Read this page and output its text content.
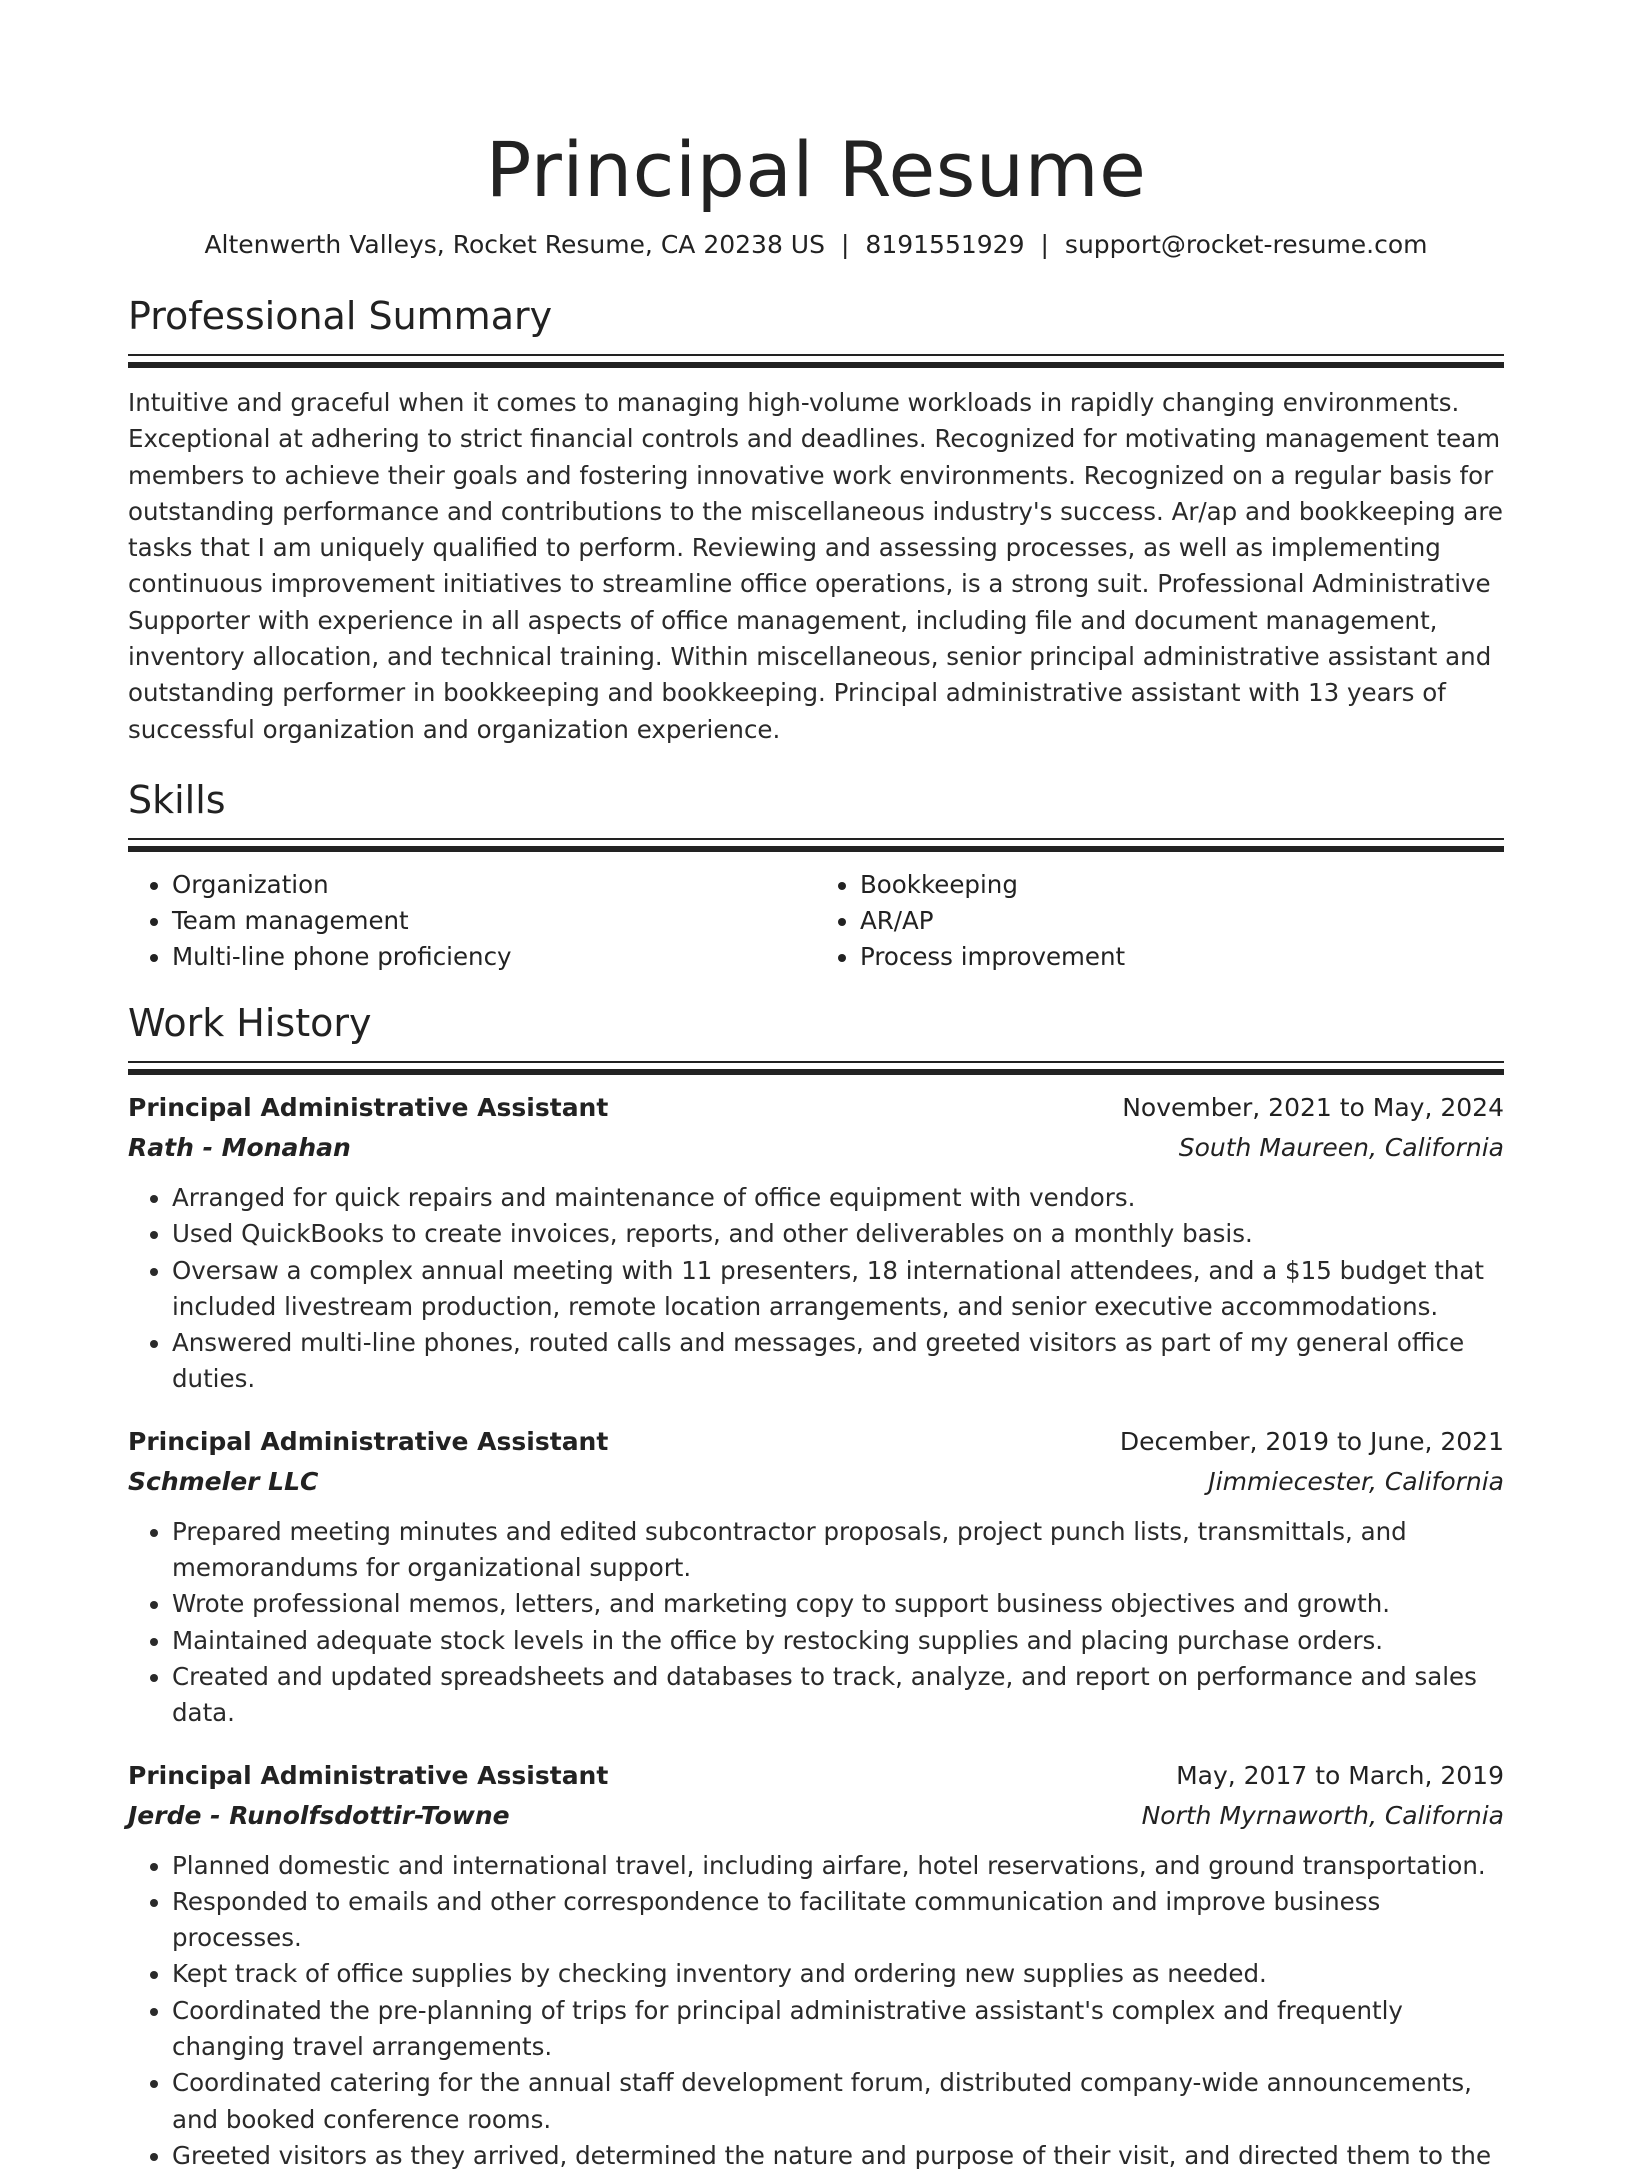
Principal Resume
Altenwerth Valleys, Rocket Resume, CA 20238 US | 8191551929 | support@rocket-resume.com
Professional Summary
Intuitive and graceful when it comes to managing high-volume workloads in rapidly changing environments. Exceptional at adhering to strict financial controls and deadlines. Recognized for motivating management team members to achieve their goals and fostering innovative work environments. Recognized on a regular basis for outstanding performance and contributions to the miscellaneous industry's success. Ar/ap and bookkeeping are tasks that I am uniquely qualified to perform. Reviewing and assessing processes, as well as implementing continuous improvement initiatives to streamline office operations, is a strong suit. Professional Administrative Supporter with experience in all aspects of office management, including file and document management, inventory allocation, and technical training. Within miscellaneous, senior principal administrative assistant and outstanding performer in bookkeeping and bookkeeping. Principal administrative assistant with 13 years of successful organization and organization experience.
Skills
• Organization
• Team management
• Multi-line phone proficiency
• Bookkeeping
• AR/AP
• Process improvement
Work History
Principal Administrative Assistant	November, 2021 to May, 2024
Rath - Monahan	South Maureen, California
• Arranged for quick repairs and maintenance of office equipment with vendors.
• Used QuickBooks to create invoices, reports, and other deliverables on a monthly basis.
• Oversaw a complex annual meeting with 11 presenters, 18 international attendees, and a $15 budget that included livestream production, remote location arrangements, and senior executive accommodations.
• Answered multi-line phones, routed calls and messages, and greeted visitors as part of my general office duties.
Principal Administrative Assistant	December, 2019 to June, 2021
Schmeler LLC	Jimmiecester, California
• Prepared meeting minutes and edited subcontractor proposals, project punch lists, transmittals, and memorandums for organizational support.
• Wrote professional memos, letters, and marketing copy to support business objectives and growth.
• Maintained adequate stock levels in the office by restocking supplies and placing purchase orders.
• Created and updated spreadsheets and databases to track, analyze, and report on performance and sales data.
Principal Administrative Assistant	May, 2017 to March, 2019
Jerde - Runolfsdottir-Towne	North Myrnaworth, California
• Planned domestic and international travel, including airfare, hotel reservations, and ground transportation.
• Responded to emails and other correspondence to facilitate communication and improve business processes.
• Kept track of office supplies by checking inventory and ordering new supplies as needed.
• Coordinated the pre-planning of trips for principal administrative assistant's complex and frequently changing travel arrangements.
• Coordinated catering for the annual staff development forum, distributed company-wide announcements, and booked conference rooms.
• Greeted visitors as they arrived, determined the nature and purpose of their visit, and directed them to the
